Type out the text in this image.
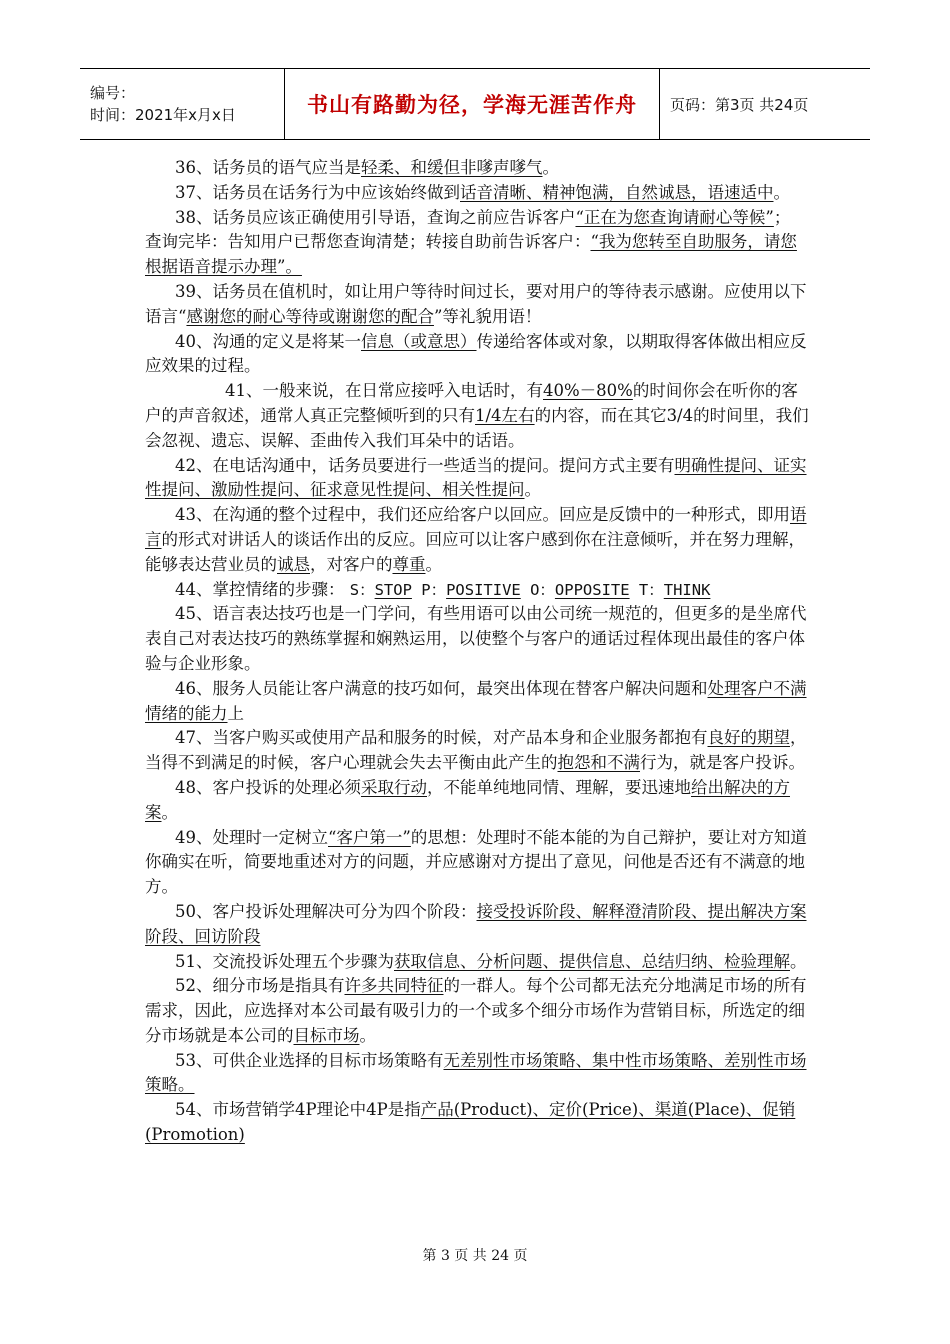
编号：
时间：2021年x月x日	书山有路勤为径，学海无涯苦作舟	页码：第3页 共24页

36、话务员的语气应当是轻柔、和缓但非嗲声嗲气。

37、话务员在话务行为中应该始终做到话音清晰、精神饱满，自然诚恳，语速适中。

38、话务员应该正确使用引导语，查询之前应告诉客户“正在为您查询请耐心等候”； 查询完毕：告知用户已帮您查询清楚；转接自助前告诉客户：“我为您转至自助服务，请您根据语音提示办理”。

39、话务员在值机时，如让用户等待时间过长，要对用户的等待表示感谢。应使用以下语言“感谢您的耐心等待或谢谢您的配合”等礼貌用语！

40、沟通的定义是将某一信息（或意思）传递给客体或对象，以期取得客体做出相应反应效果的过程。

41、一般来说，在日常应接呼入电话时，有40%－80%的时间你会在听你的客户的声音叙述，通常人真正完整倾听到的只有1/4左右的内容，而在其它3/4的时间里，我们会忽视、遗忘、误解、歪曲传入我们耳朵中的话语。

42、在电话沟通中，话务员要进行一些适当的提问。提问方式主要有明确性提问、证实性提问、激励性提问、征求意见性提问、相关性提问。

43、在沟通的整个过程中，我们还应给客户以回应。回应是反馈中的一种形式，即用语言的形式对讲话人的谈话作出的反应。回应可以让客户感到你在注意倾听，并在努力理解，能够表达营业员的诚恳，对客户的尊重。

44、掌控情绪的步骤： S：STOP P：POSITIVE O：OPPOSITE T：THINK

45、语言表达技巧也是一门学问，有些用语可以由公司统一规范的，但更多的是坐席代表自己对表达技巧的熟练掌握和娴熟运用，以使整个与客户的通话过程体现出最佳的客户体验与企业形象。

46、服务人员能让客户满意的技巧如何，最突出体现在替客户解决问题和处理客户不满情绪的能力上

47、当客户购买或使用产品和服务的时候，对产品本身和企业服务都抱有良好的期望，当得不到满足的时候，客户心理就会失去平衡由此产生的抱怨和不满行为，就是客户投诉。

48、客户投诉的处理必须采取行动，不能单纯地同情、理解，要迅速地给出解决的方案。

49、处理时一定树立“客户第一”的思想：处理时不能本能的为自己辩护，要让对方知道你确实在听，简要地重述对方的问题，并应感谢对方提出了意见，问他是否还有不满意的地方。

50、客户投诉处理解决可分为四个阶段：接受投诉阶段、解释澄清阶段、提出解决方案阶段、回访阶段

51、交流投诉处理五个步骤为获取信息、分析问题、提供信息、总结归纳、检验理解。

52、细分市场是指具有许多共同特征的一群人。每个公司都无法充分地满足市场的所有需求，因此，应选择对本公司最有吸引力的一个或多个细分市场作为营销目标，所选定的细分市场就是本公司的目标市场。

53、可供企业选择的目标市场策略有无差别性市场策略、集中性市场策略、差别性市场策略。

54、市场营销学4P理论中4P是指产品(Product)、定价(Price)、渠道(Place)、促销(Promotion)

第 3 页 共 24 页
